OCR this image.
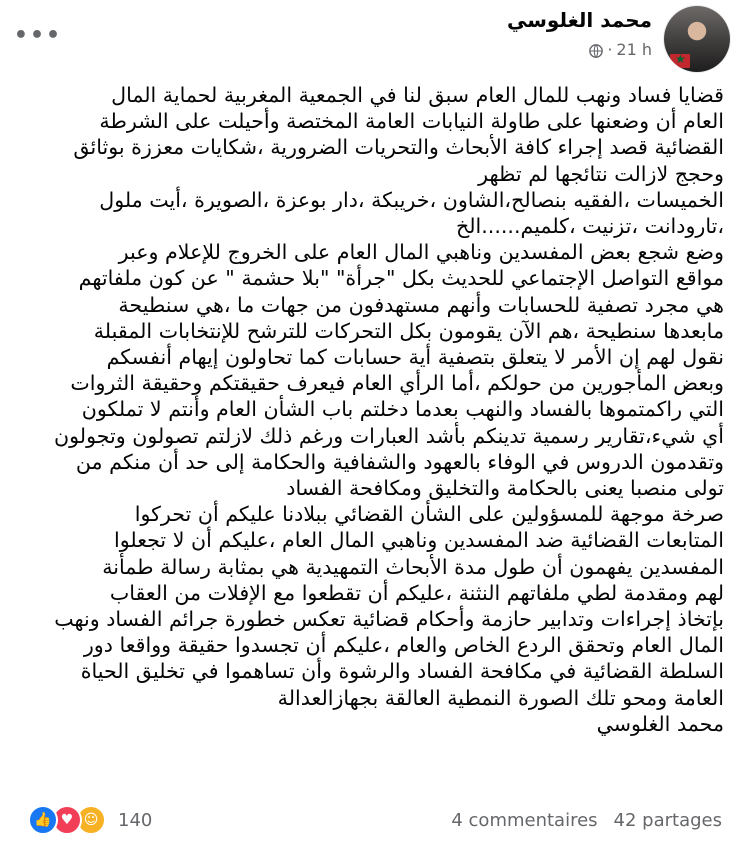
•••
★
محمد الغلوسي
· 21 h

قضايا فساد ونهب للمال العام سبق لنا في الجمعية المغربية لحماية المال

العام أن وضعنها على طاولة النيابات العامة المختصة وأحيلت على الشرطة

القضائية قصد إجراء كافة الأبحاث والتحريات الضرورية ،شكايات معززة بوثائق

وحجج لازالت نتائجها لم تظهر

الخميسات ،الفقيه بنصالح،الشاون ،خريبكة ،دار بوعزة ،الصويرة ،أيت ملول

،تارودانت ،تزنيت ،كلميم......الخ

وضع شجع بعض المفسدين وناهبي المال العام على الخروج للإعلام وعبر

مواقع التواصل الإجتماعي للحديث بكل "جرأة" "بلا حشمة " عن كون ملفاتهم

هي مجرد تصفية للحسابات وأنهم مستهدفون من جهات ما ،هي سنطيحة

مابعدها سنطيحة ،هم الآن يقومون بكل التحركات للترشح للإنتخابات المقبلة

نقول لهم إن الأمر لا يتعلق بتصفية أية حسابات كما تحاولون إيهام أنفسكم

وبعض المأجورين من حولكم ،أما الرأي العام فيعرف حقيقتكم وحقيقة الثروات

التي راكمتموها بالفساد والنهب بعدما دخلتم باب الشأن العام وأنتم لا تملكون

أي شيء،تقارير رسمية تدينكم بأشد العبارات ورغم ذلك لازلتم تصولون وتجولون

وتقدمون الدروس في الوفاء بالعهود والشفافية والحكامة إلى حد أن منكم من

تولى منصبا يعنى بالحكامة والتخليق ومكافحة الفساد

صرخة موجهة للمسؤولين على الشأن القضائي ببلادنا عليكم أن تحركوا

المتابعات القضائية ضد المفسدين وناهبي المال العام ،عليكم أن لا تجعلوا

المفسدين يفهمون أن طول مدة الأبحاث التمهيدية هي بمثابة رسالة طمأنة

لهم ومقدمة لطي ملفاتهم النثنة ،عليكم أن تقطعوا مع الإفلات من العقاب

بإتخاذ إجراءات وتدابير حازمة وأحكام قضائية تعكس خطورة جرائم الفساد ونهب

المال العام وتحقق الردع الخاص والعام ،عليكم أن تجسدوا حقيقة وواقعا دور

السلطة القضائية في مكافحة الفساد والرشوة وأن تساهموا في تخليق الحياة

العامة ومحو تلك الصورة النمطية العالقة بجهازالعدالة

محمد الغلوسي

👍 ♥ ☺	140	4 commentaires 42 partages
